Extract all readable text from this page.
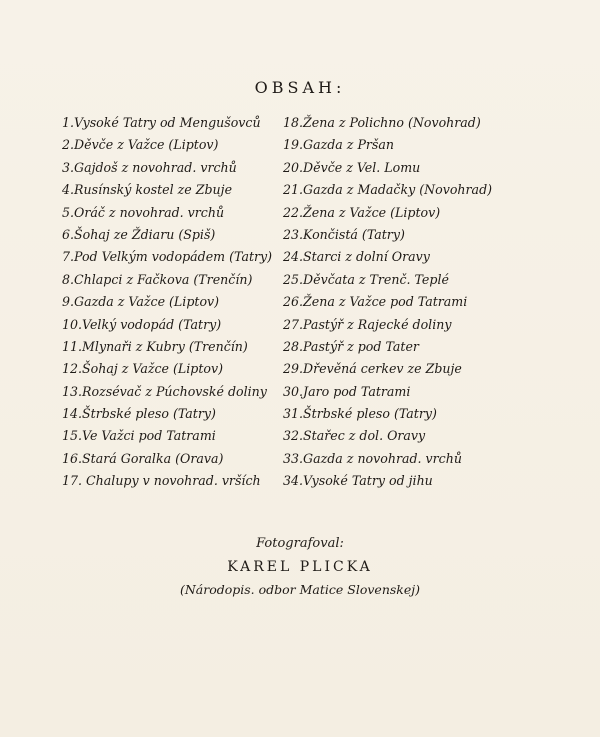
OBSAH:
1.Vysoké Tatry od Mengušovců
2.Děvče z Važce (Liptov)
3.Gajdoš z novohrad. vrchů
4.Rusínský kostel ze Zbuje
5.Oráč z novohrad. vrchů
6.Šohaj ze Ždiaru (Spiš)
7.Pod Velkým vodopádem (Tatry)
8.Chlapci z Fačkova (Trenčín)
9.Gazda z Važce (Liptov)
10.Velký vodopád (Tatry)
11.Mlynaři z Kubry (Trenčín)
12.Šohaj z Važce (Liptov)
13.Rozsévač z Púchovské doliny
14.Štrbské pleso (Tatry)
15.Ve Važci pod Tatrami
16.Stará Goralka (Orava)
17. Chalupy v novohrad. vrších
18.Žena z Polichno (Novohrad)
19.Gazda z Pršan
20.Děvče z Vel. Lomu
21.Gazda z Madačky (Novohrad)
22.Žena z Važce (Liptov)
23.Končistá (Tatry)
24.Starci z dolní Oravy
25.Děvčata z Trenč. Teplé
26.Žena z Važce pod Tatrami
27.Pastýř z Rajecké doliny
28.Pastýř z pod Tater
29.Dřevěná cerkev ze Zbuje
30.Jaro pod Tatrami
31.Štrbské pleso (Tatry)
32.Stařec z dol. Oravy
33.Gazda z novohrad. vrchů
34.Vysoké Tatry od jihu
Fotografoval:
KAREL PLICKA
(Národopis. odbor Matice Slovenskej)
